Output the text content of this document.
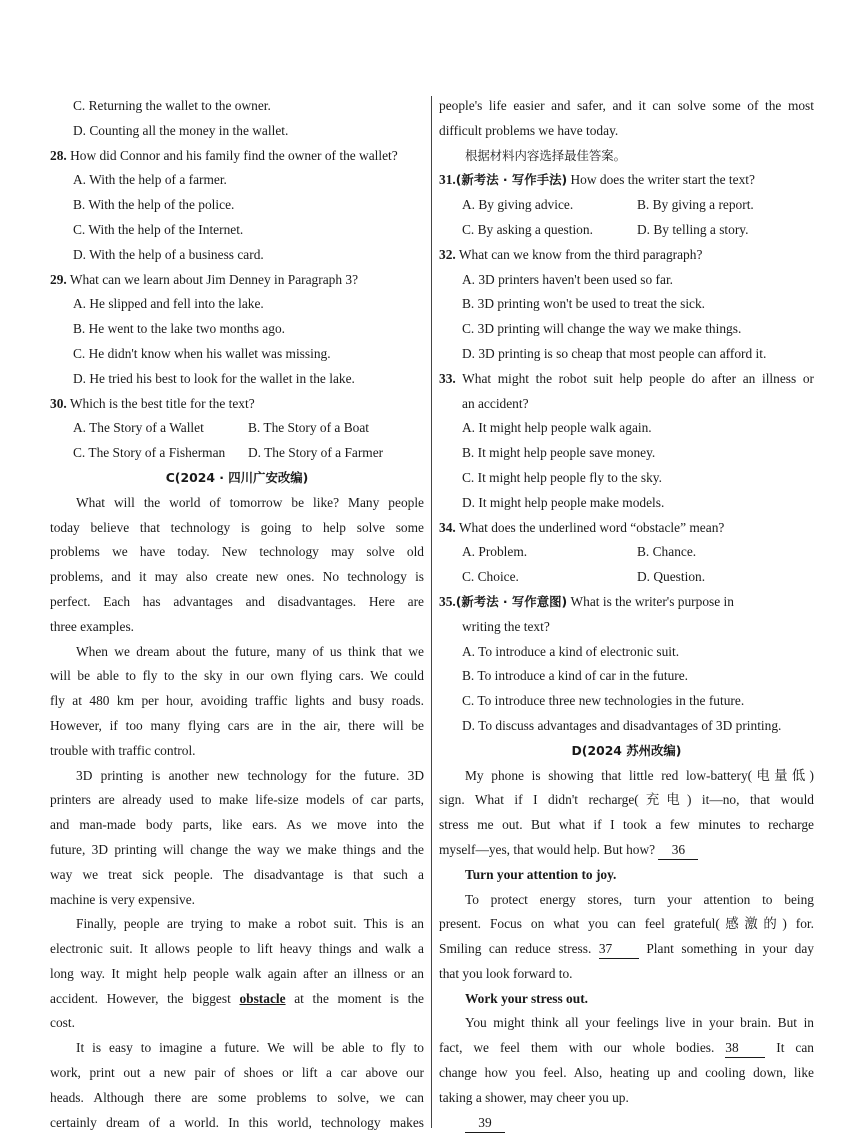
C. Returning the wallet to the owner.
D. Counting all the money in the wallet.
28. How did Connor and his family find the owner of the wallet?
A. With the help of a farmer.
B. With the help of the police.
C. With the help of the Internet.
D. With the help of a business card.
29. What can we learn about Jim Denney in Paragraph 3?
A. He slipped and fell into the lake.
B. He went to the lake two months ago.
C. He didn't know when his wallet was missing.
D. He tried his best to look for the wallet in the lake.
30. Which is the best title for the text?
A. The Story of a Wallet	B. The Story of a Boat
C. The Story of a Fisherman	D. The Story of a Farmer
C(2024 · 四川广安改编)
What will the world of tomorrow be like? Many people
today believe that technology is going to help solve some
problems we have today. New technology may solve old
problems, and it may also create new ones. No technology is
perfect. Each has advantages and disadvantages. Here are
three examples.
When we dream about the future, many of us think that we
will be able to fly to the sky in our own flying cars. We could
fly at 480 km per hour, avoiding traffic lights and busy roads.
However, if too many flying cars are in the air, there will be
trouble with traffic control.
3D printing is another new technology for the future. 3D
printers are already used to make life-size models of car parts,
and man-made body parts, like ears. As we move into the
future, 3D printing will change the way we make things and the
way we treat sick people. The disadvantage is that such a
machine is very expensive.
Finally, people are trying to make a robot suit. This is an
electronic suit. It allows people to lift heavy things and walk a
long way. It might help people walk again after an illness or an
accident. However, the biggest obstacle at the moment is the
cost.
It is easy to imagine a future. We will be able to fly to
work, print out a new pair of shoes or lift a car above our
heads. Although there are some problems to solve, we can
certainly dream of a world. In this world, technology makes
people's life easier and safer, and it can solve some of the most
difficult problems we have today.
根据材料内容选择最佳答案。
31.(新考法 · 写作手法) How does the writer start the text?
A. By giving advice.	B. By giving a report.
C. By asking a question.	D. By telling a story.
32. What can we know from the third paragraph?
A. 3D printers haven't been used so far.
B. 3D printing won't be used to treat the sick.
C. 3D printing will change the way we make things.
D. 3D printing is so cheap that most people can afford it.
33. What might the robot suit help people do after an illness or
an accident?
A. It might help people walk again.
B. It might help people save money.
C. It might help people fly to the sky.
D. It might help people make models.
34. What does the underlined word “obstacle” mean?
A. Problem.	B. Chance.
C. Choice.	D. Question.
35.(新考法 · 写作意图) What is the writer's purpose in
writing the text?
A. To introduce a kind of electronic suit.
B. To introduce a kind of car in the future.
C. To introduce three new technologies in the future.
D. To discuss advantages and disadvantages of 3D printing.
D(2024 苏州改编)
My phone is showing that little red low-battery(电量低)
sign. What if I didn't recharge(充电) it—no, that would
stress me out. But what if I took a few minutes to recharge
myself—yes, that would help. But how? 36
Turn your attention to joy.
To protect energy stores, turn your attention to being
present. Focus on what you can feel grateful(感激的) for.
Smiling can reduce stress. 37 Plant something in your day
that you look forward to.
Work your stress out.
You might think all your feelings live in your brain. But in
fact, we feel them with our whole bodies. 38 It can
change how you feel. Also, heating up and cooling down, like
taking a shower, may cheer you up.
39
